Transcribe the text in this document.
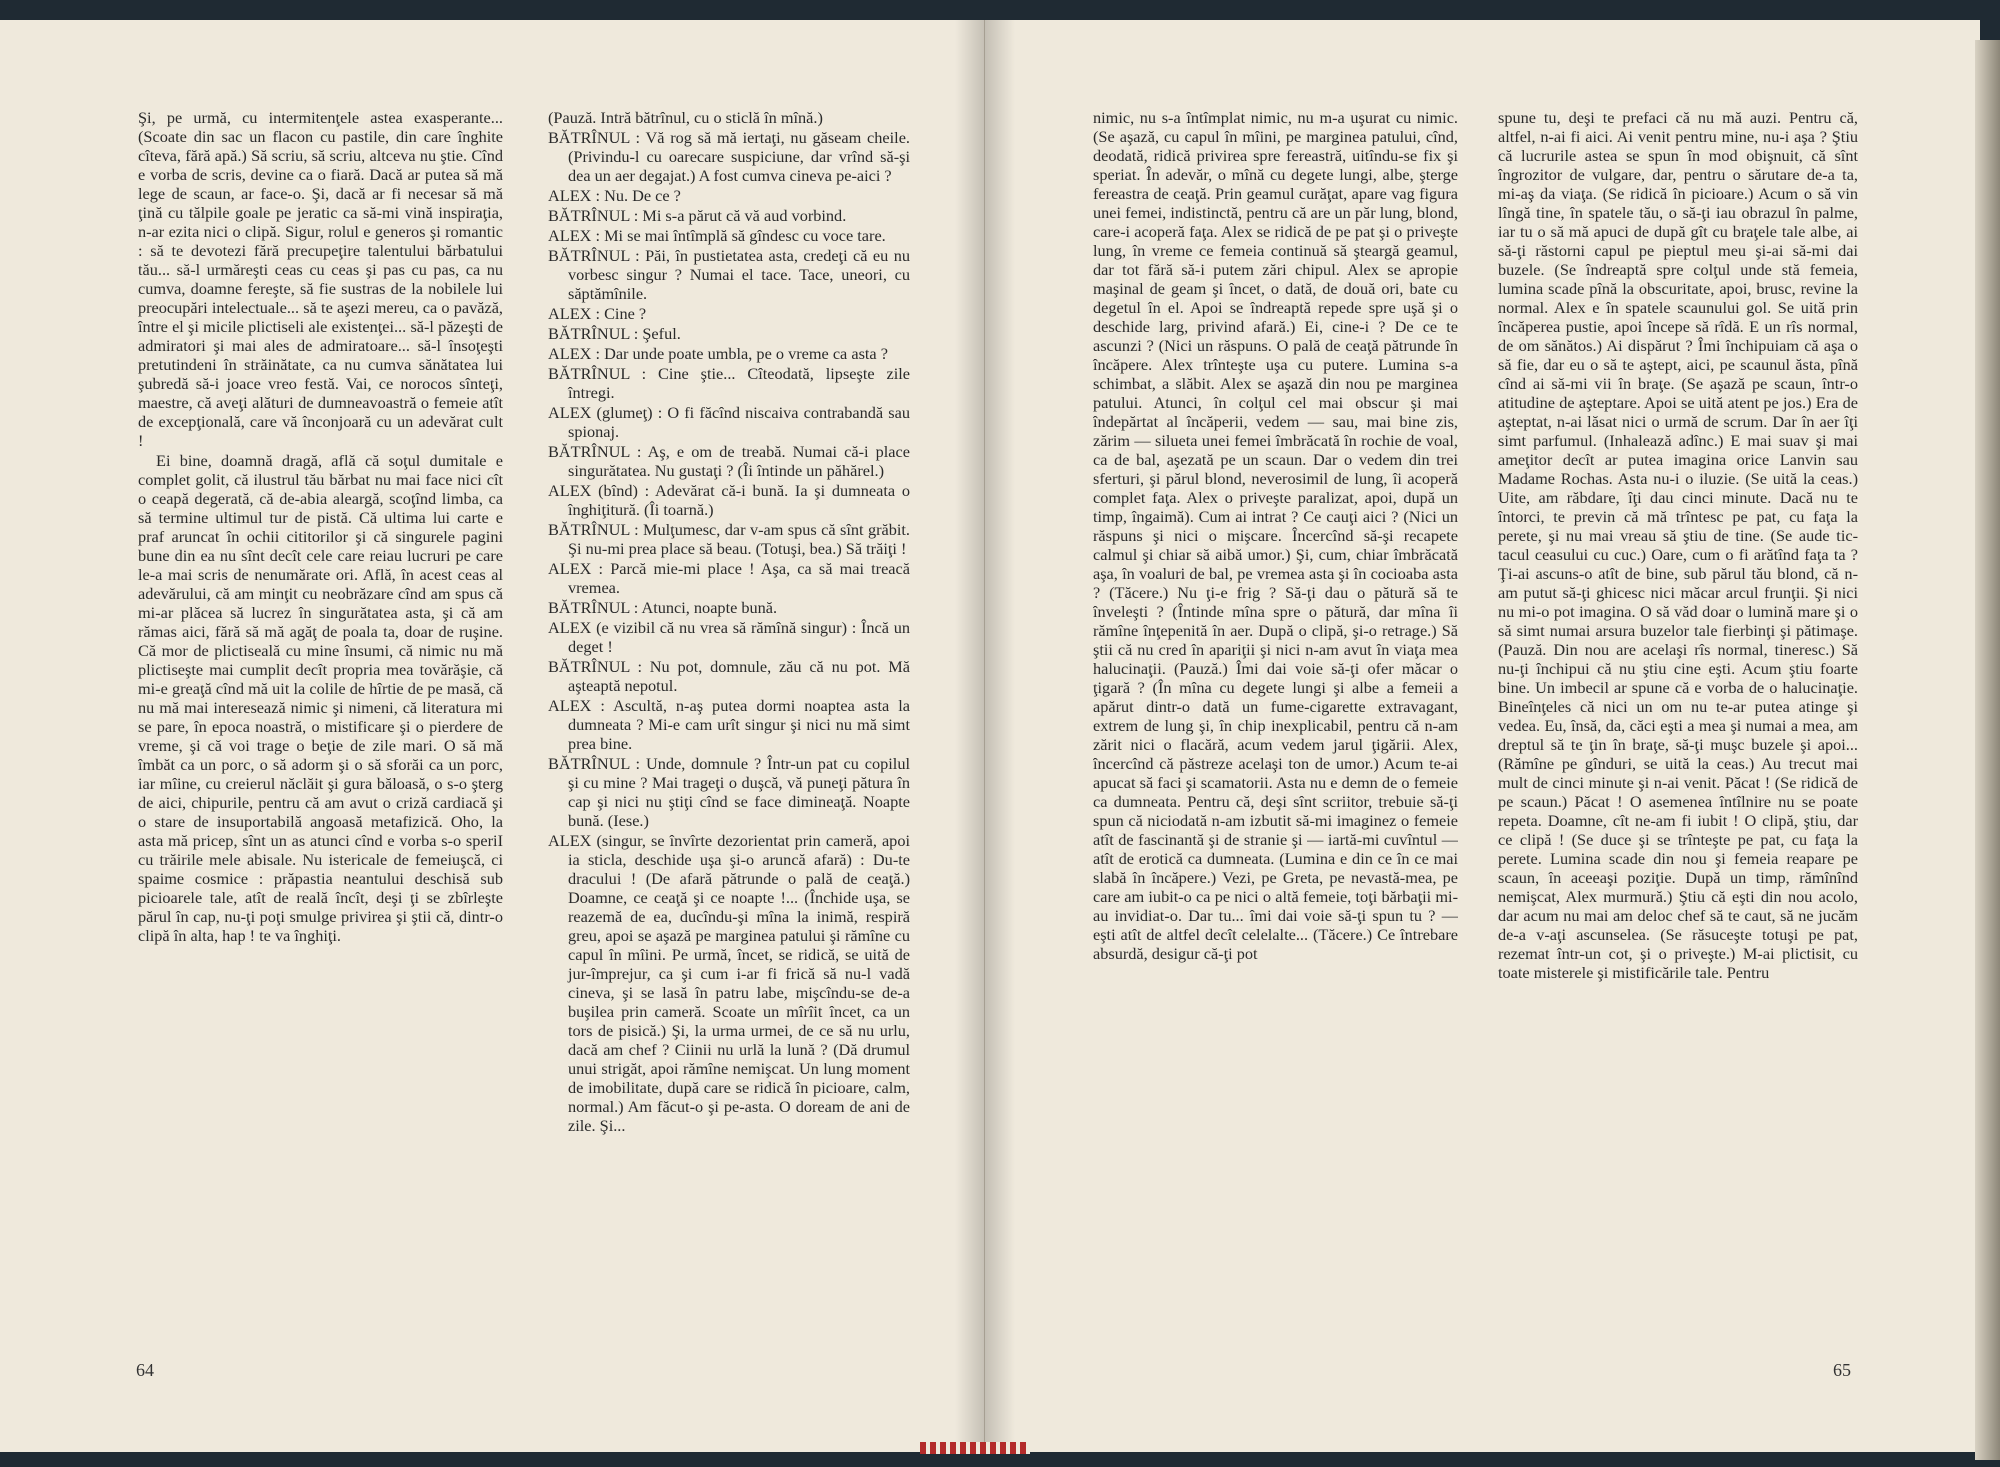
Şi, pe urmă, cu intermitenţele astea exasperante... (Scoate din sac un flacon cu pastile, din care înghite cîteva, fără apă.) Să scriu, să scriu, altceva nu ştie. Cînd e vorba de scris, devine ca o fiară. Dacă ar putea să mă lege de scaun, ar face-o. Şi, dacă ar fi necesar să mă ţină cu tălpile goale pe jeratic ca să-mi vină inspiraţia, n-ar ezita nici o clipă. Sigur, rolul e generos şi romantic : să te devotezi fără precupeţire talentului bărbatului tău... să-l urmăreşti ceas cu ceas şi pas cu pas, ca nu cumva, doamne fereşte, să fie sustras de la nobilele lui preocupări intelectuale... să te aşezi mereu, ca o pavăză, între el şi micile plictiseli ale existenţei... să-l păzeşti de admiratori şi mai ales de admiratoare... să-l însoţeşti pretutindeni în străinătate, ca nu cumva sănătatea lui şubredă să-i joace vreo festă. Vai, ce norocos sînteţi, maestre, că aveţi alături de dumneavoastră o femeie atît de excepţională, care vă înconjoară cu un adevărat cult !

Ei bine, doamnă dragă, află că soţul dumitale e complet golit, că ilustrul tău bărbat nu mai face nici cît o ceapă degerată, că de-abia aleargă, scoţînd limba, ca să termine ultimul tur de pistă. Că ultima lui carte e praf aruncat în ochii cititorilor şi că singurele pagini bune din ea nu sînt decît cele care reiau lucruri pe care le-a mai scris de nenumărate ori. Află, în acest ceas al adevărului, că am minţit cu neobrăzare cînd am spus că mi-ar plăcea să lucrez în singurătatea asta, şi că am rămas aici, fără să mă agăţ de poala ta, doar de ruşine. Că mor de plictiseală cu mine însumi, că nimic nu mă plictiseşte mai cumplit decît propria mea tovărăşie, că mi-e greaţă cînd mă uit la colile de hîrtie de pe masă, că nu mă mai interesează nimic şi nimeni, că literatura mi se pare, în epoca noastră, o mistificare şi o pierdere de vreme, şi că voi trage o beţie de zile mari. O să mă îmbăt ca un porc, o să adorm şi o să sforăi ca un porc, iar mîine, cu creierul năclăit şi gura băloasă, o s-o şterg de aici, chipurile, pentru că am avut o criză cardiacă şi o stare de insuportabilă angoasă metafizică. Oho, la asta mă pricep, sînt un as atunci cînd e vorba s-o speriI cu trăirile mele abisale. Nu istericale de femeiuşcă, ci spaime cosmice : prăpastia neantului deschisă sub picioarele tale, atît de reală încît, deşi ţi se zbîrleşte părul în cap, nu-ţi poţi smulge privirea şi ştii că, dintr-o clipă în alta, hap ! te va înghiţi.

(Pauză. Intră bătrînul, cu o sticlă în mînă.)

BĂTRÎNUL : Vă rog să mă iertaţi, nu găseam cheile. (Privindu-l cu oarecare suspiciune, dar vrînd să-şi dea un aer degajat.) A fost cumva cineva pe-aici ?

ALEX : Nu. De ce ?

BĂTRÎNUL : Mi s-a părut că vă aud vorbind.

ALEX : Mi se mai întîmplă să gîndesc cu voce tare.

BĂTRÎNUL : Păi, în pustietatea asta, credeţi că eu nu vorbesc singur ? Numai el tace. Tace, uneori, cu săptămînile.

ALEX : Cine ?

BĂTRÎNUL : Şeful.

ALEX : Dar unde poate umbla, pe o vreme ca asta ?

BĂTRÎNUL : Cine ştie... Cîteodată, lipseşte zile întregi.

ALEX (glumeţ) : O fi făcînd niscaiva contrabandă sau spionaj.

BĂTRÎNUL : Aş, e om de treabă. Numai că-i place singurătatea. Nu gustaţi ? (Îi întinde un păhărel.)

ALEX (bînd) : Adevărat că-i bună. Ia şi dumneata o înghiţitură. (Îi toarnă.)

BĂTRÎNUL : Mulţumesc, dar v-am spus că sînt grăbit. Şi nu-mi prea place să beau. (Totuşi, bea.) Să trăiţi !

ALEX : Parcă mie-mi place ! Aşa, ca să mai treacă vremea.

BĂTRÎNUL : Atunci, noapte bună.

ALEX (e vizibil că nu vrea să rămînă singur) : Încă un deget !

BĂTRÎNUL : Nu pot, domnule, zău că nu pot. Mă aşteaptă nepotul.

ALEX : Ascultă, n-aş putea dormi noaptea asta la dumneata ? Mi-e cam urît singur şi nici nu mă simt prea bine.

BĂTRÎNUL : Unde, domnule ? Într-un pat cu copilul şi cu mine ? Mai trageţi o duşcă, vă puneţi pătura în cap şi nici nu ştiţi cînd se face dimineaţă. Noapte bună. (Iese.)

ALEX (singur, se învîrte dezorientat prin cameră, apoi ia sticla, deschide uşa şi-o aruncă afară) : Du-te dracului ! (De afară pătrunde o pală de ceaţă.) Doamne, ce ceaţă şi ce noapte !... (Închide uşa, se reazemă de ea, ducîndu-şi mîna la inimă, respiră greu, apoi se aşază pe marginea patului şi rămîne cu capul în mîini. Pe urmă, încet, se ridică, se uită de jur-împrejur, ca şi cum i-ar fi frică să nu-l vadă cineva, şi se lasă în patru labe, mişcîndu-se de-a buşilea prin cameră. Scoate un mîrîit încet, ca un tors de pisică.) Şi, la urma urmei, de ce să nu urlu, dacă am chef ? Ciinii nu urlă la lună ? (Dă drumul unui strigăt, apoi rămîne nemişcat. Un lung moment de imobilitate, după care se ridică în picioare, calm, normal.) Am făcut-o şi pe-asta. O doream de ani de zile. Şi...

64

nimic, nu s-a întîmplat nimic, nu m-a uşurat cu nimic. (Se aşază, cu capul în mîini, pe marginea patului, cînd, deodată, ridică privirea spre fereastră, uitîndu-se fix şi speriat. În adevăr, o mînă cu degete lungi, albe, şterge fereastra de ceaţă. Prin geamul curăţat, apare vag figura unei femei, indistinctă, pentru că are un păr lung, blond, care-i acoperă faţa. Alex se ridică de pe pat şi o priveşte lung, în vreme ce femeia continuă să şteargă geamul, dar tot fără să-i putem zări chipul. Alex se apropie maşinal de geam şi încet, o dată, de două ori, bate cu degetul în el. Apoi se îndreaptă repede spre uşă şi o deschide larg, privind afară.) Ei, cine-i ? De ce te ascunzi ? (Nici un răspuns. O pală de ceaţă pătrunde în încăpere. Alex trînteşte uşa cu putere. Lumina s-a schimbat, a slăbit. Alex se aşază din nou pe marginea patului. Atunci, în colţul cel mai obscur şi mai îndepărtat al încăperii, vedem — sau, mai bine zis, zărim — silueta unei femei îmbrăcată în rochie de voal, ca de bal, aşezată pe un scaun. Dar o vedem din trei sferturi, şi părul blond, neverosimil de lung, îi acoperă complet faţa. Alex o priveşte paralizat, apoi, după un timp, îngaimă). Cum ai intrat ? Ce cauţi aici ? (Nici un răspuns şi nici o mişcare. Încercînd să-şi recapete calmul şi chiar să aibă umor.) Şi, cum, chiar îmbrăcată aşa, în voaluri de bal, pe vremea asta şi în cocioaba asta ? (Tăcere.) Nu ţi-e frig ? Să-ţi dau o pătură să te înveleşti ? (Întinde mîna spre o pătură, dar mîna îi rămîne înţepenită în aer. După o clipă, şi-o retrage.) Să ştii că nu cred în apariţii şi nici n-am avut în viaţa mea halucinaţii. (Pauză.) Îmi dai voie să-ţi ofer măcar o ţigară ? (În mîna cu degete lungi şi albe a femeii a apărut dintr-o dată un fume-cigarette extravagant, extrem de lung şi, în chip inexplicabil, pentru că n-am zărit nici o flacără, acum vedem jarul ţigării. Alex, încercînd că păstreze acelaşi ton de umor.) Acum te-ai apucat să faci şi scamatorii. Asta nu e demn de o femeie ca dumneata. Pentru că, deşi sînt scriitor, trebuie să-ţi spun că niciodată n-am izbutit să-mi imaginez o femeie atît de fascinantă şi de stranie şi — iartă-mi cuvîntul — atît de erotică ca dumneata. (Lumina e din ce în ce mai slabă în încăpere.) Vezi, pe Greta, pe nevastă-mea, pe care am iubit-o ca pe nici o altă femeie, toţi bărbaţii mi-au invidiat-o. Dar tu... îmi dai voie să-ţi spun tu ? — eşti atît de altfel decît celelalte... (Tăcere.) Ce întrebare absurdă, desigur că-ţi pot

spune tu, deşi te prefaci că nu mă auzi. Pentru că, altfel, n-ai fi aici. Ai venit pentru mine, nu-i aşa ? Ştiu că lucrurile astea se spun în mod obişnuit, că sînt îngrozitor de vulgare, dar, pentru o sărutare de-a ta, mi-aş da viaţa. (Se ridică în picioare.) Acum o să vin lîngă tine, în spatele tău, o să-ţi iau obrazul în palme, iar tu o să mă apuci de după gît cu braţele tale albe, ai să-ţi răstorni capul pe pieptul meu şi-ai să-mi dai buzele. (Se îndreaptă spre colţul unde stă femeia, lumina scade pînă la obscuritate, apoi, brusc, revine la normal. Alex e în spatele scaunului gol. Se uită prin încăperea pustie, apoi începe să rîdă. E un rîs normal, de om sănătos.) Ai dispărut ? Îmi închipuiam că aşa o să fie, dar eu o să te aştept, aici, pe scaunul ăsta, pînă cînd ai să-mi vii în braţe. (Se aşază pe scaun, într-o atitudine de aşteptare. Apoi se uită atent pe jos.) Era de aşteptat, n-ai lăsat nici o urmă de scrum. Dar în aer îţi simt parfumul. (Inhalează adînc.) E mai suav şi mai ameţitor decît ar putea imagina orice Lanvin sau Madame Rochas. Asta nu-i o iluzie. (Se uită la ceas.) Uite, am răbdare, îţi dau cinci minute. Dacă nu te întorci, te previn că mă trîntesc pe pat, cu faţa la perete, şi nu mai vreau să ştiu de tine. (Se aude tic-tacul ceasului cu cuc.) Oare, cum o fi arătînd faţa ta ? Ţi-ai ascuns-o atît de bine, sub părul tău blond, că n-am putut să-ţi ghicesc nici măcar arcul frunţii. Şi nici nu mi-o pot imagina. O să văd doar o lumină mare şi o să simt numai arsura buzelor tale fierbinţi şi pătimaşe. (Pauză. Din nou are acelaşi rîs normal, tineresc.) Să nu-ţi închipui că nu ştiu cine eşti. Acum ştiu foarte bine. Un imbecil ar spune că e vorba de o halucinaţie. Bineînţeles că nici un om nu te-ar putea atinge şi vedea. Eu, însă, da, căci eşti a mea şi numai a mea, am dreptul să te ţin în braţe, să-ţi muşc buzele şi apoi... (Rămîne pe gînduri, se uită la ceas.) Au trecut mai mult de cinci minute şi n-ai venit. Păcat ! (Se ridică de pe scaun.) Păcat ! O asemenea întîlnire nu se poate repeta. Doamne, cît ne-am fi iubit ! O clipă, ştiu, dar ce clipă ! (Se duce şi se trînteşte pe pat, cu faţa la perete. Lumina scade din nou şi femeia reapare pe scaun, în aceeaşi poziţie. După un timp, rămînînd nemişcat, Alex murmură.) Ştiu că eşti din nou acolo, dar acum nu mai am deloc chef să te caut, să ne jucăm de-a v-aţi ascunselea. (Se răsuceşte totuşi pe pat, rezemat într-un cot, şi o priveşte.) M-ai plictisit, cu toate misterele şi mistificările tale. Pentru

65
